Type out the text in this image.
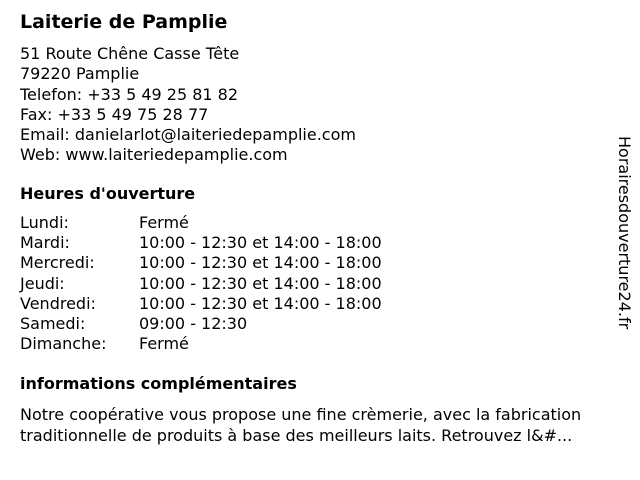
Laiterie de Pamplie
51 Route Chêne Casse Tête
79220 Pamplie
Telefon: +33 5 49 25 81 82
Fax: +33 5 49 75 28 77
Email: danielarlot@laiteriedepamplie.com
Web: www.laiteriedepamplie.com
Heures d'ouverture
Lundi:	Fermé
Mardi:	10:00 - 12:30 et 14:00 - 18:00
Mercredi:	10:00 - 12:30 et 14:00 - 18:00
Jeudi:	10:00 - 12:30 et 14:00 - 18:00
Vendredi:	10:00 - 12:30 et 14:00 - 18:00
Samedi:	09:00 - 12:30
Dimanche:	Fermé
informations complémentaires
Notre coopérative vous propose une fine crèmerie, avec la fabrication
traditionnelle de produits à base des meilleurs laits. Retrouvez l&#...
Horairesdouverture24.fr
